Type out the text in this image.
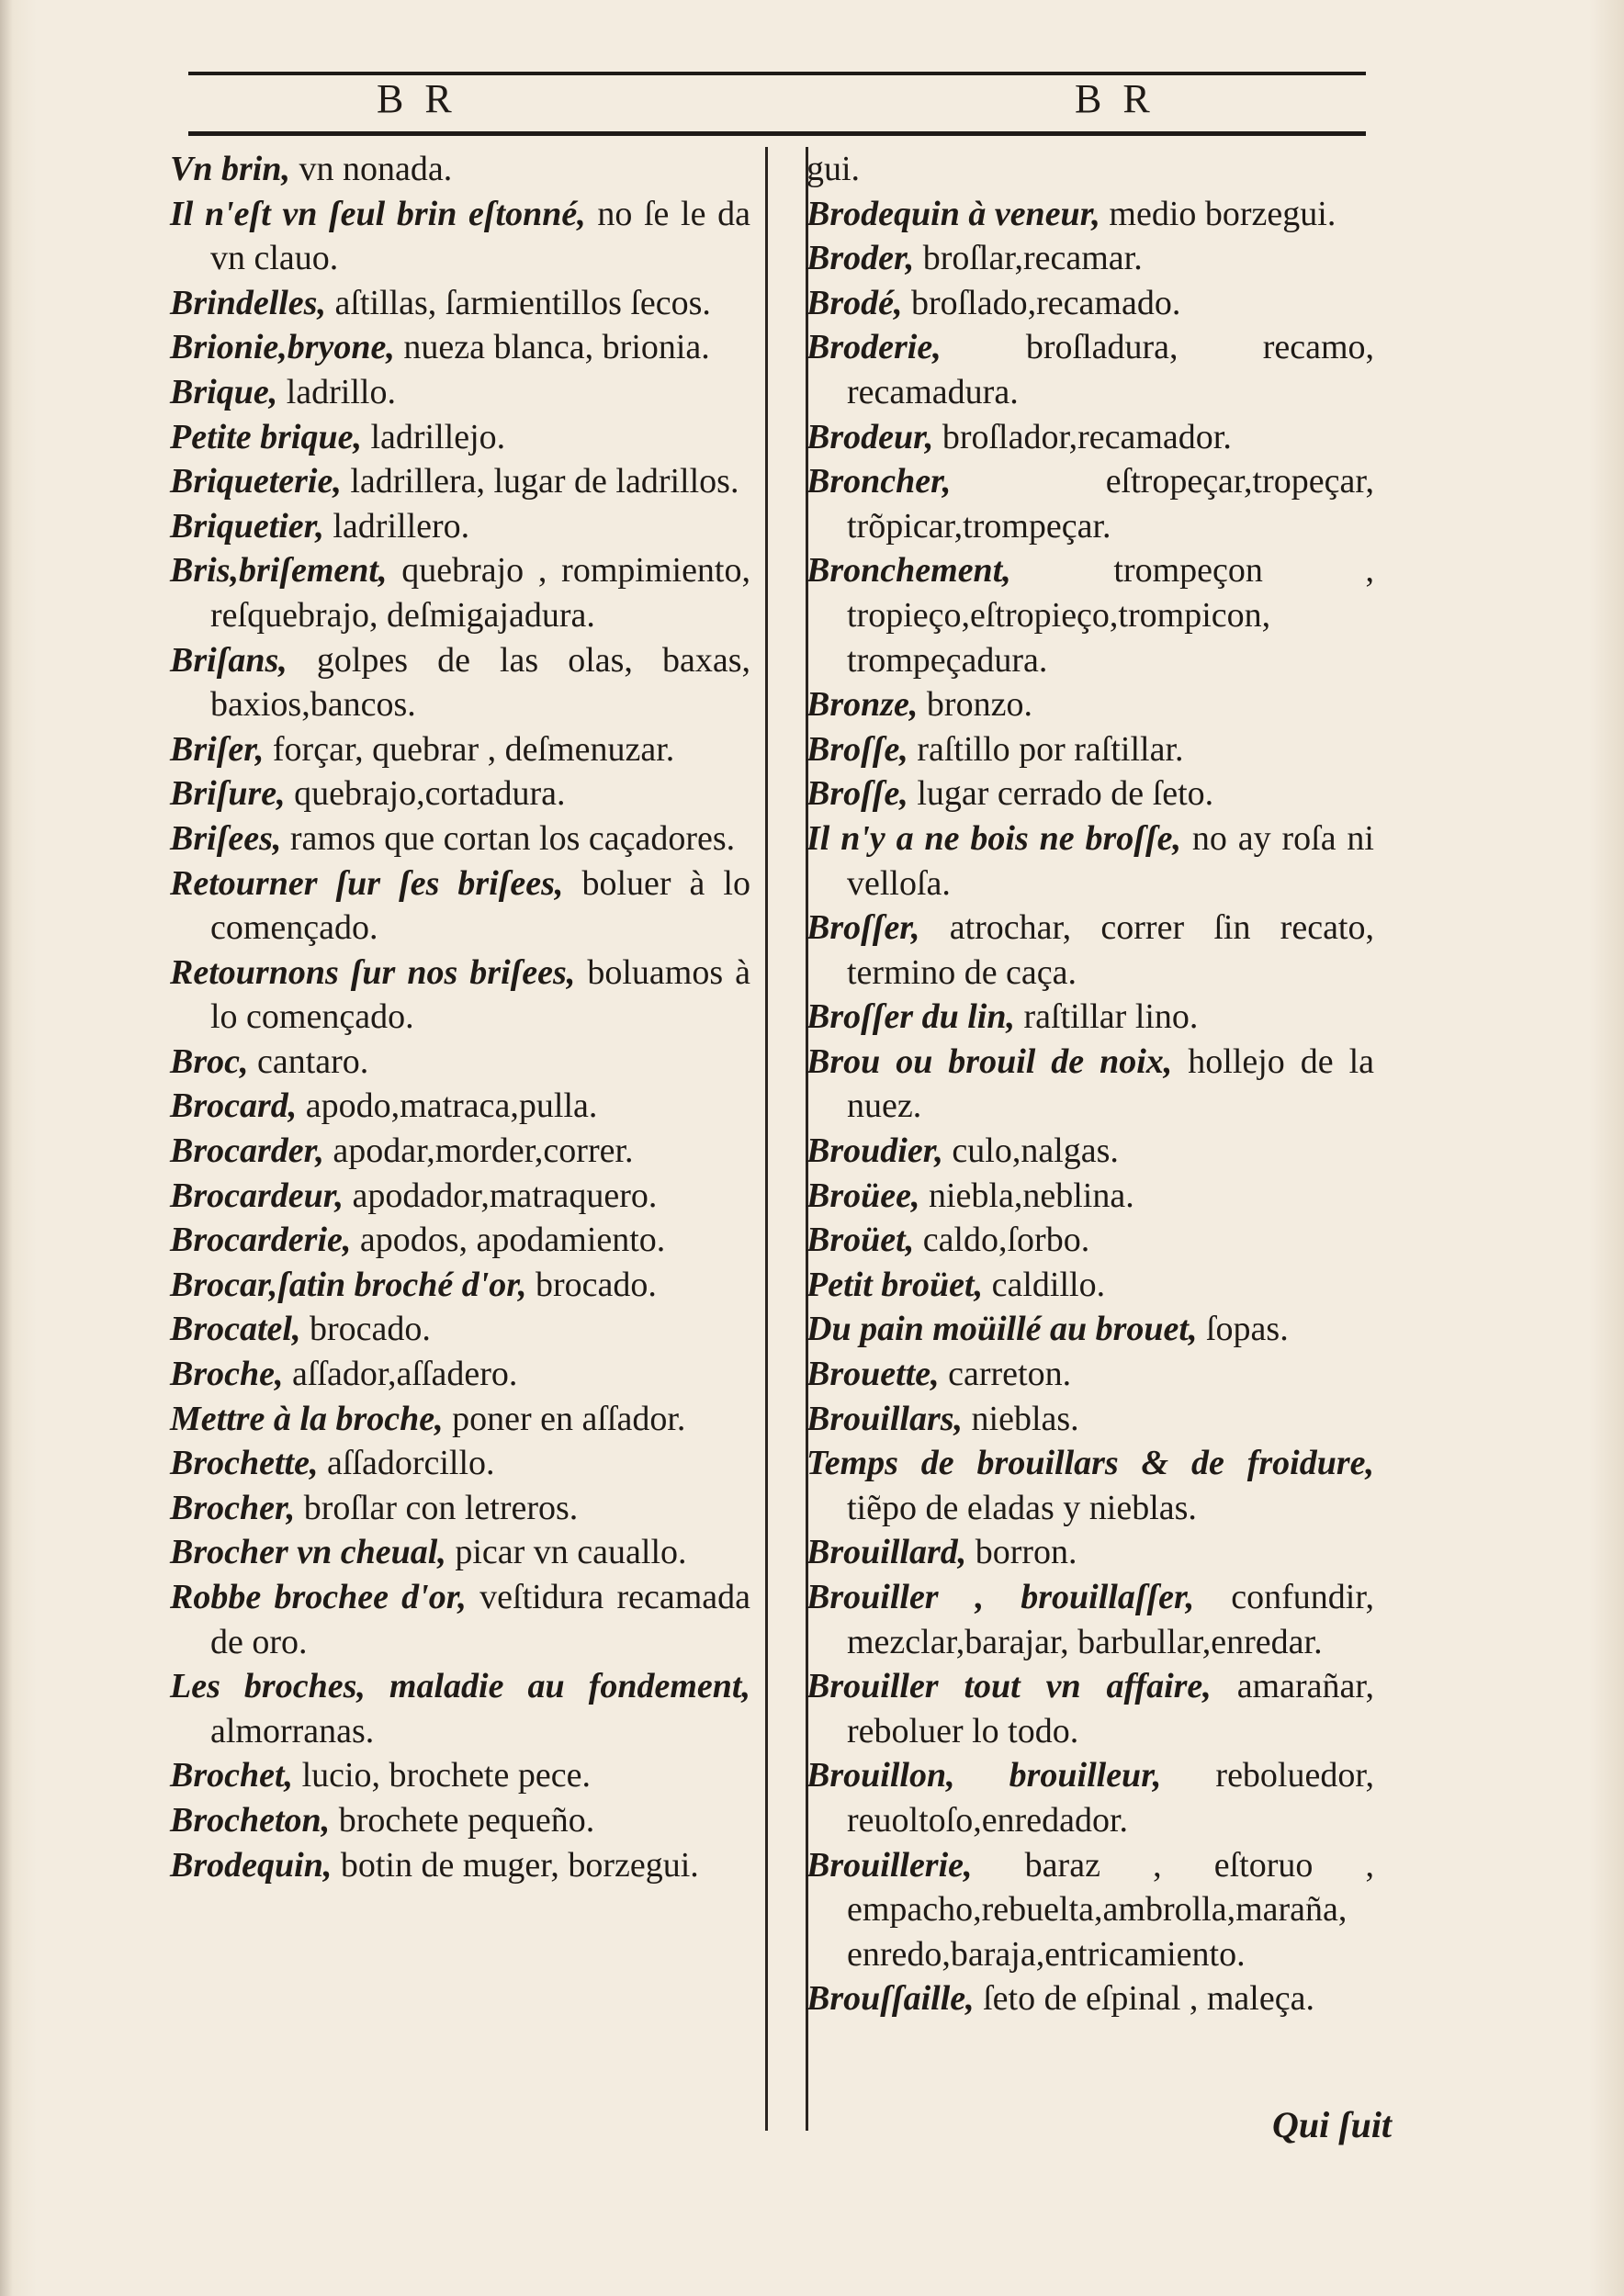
B R	B R

Vn brin, vn nonada.

Il n'eſt vn ſeul brin eſtonné, no ſe le da vn clauo.

Brindelles, aſtillas, ſarmientillos ſecos.

Brionie,bryone, nueza blanca, brionia.

Brique, ladrillo.

Petite brique, ladrillejo.

Briqueterie, ladrillera, lugar de ladrillos.

Briquetier, ladrillero.

Bris,briſement, quebrajo , rompimiento, reſquebrajo, deſmigajadura.

Briſans, golpes de las olas, baxas, baxios,bancos.

Briſer, forçar, quebrar , deſmenuzar.

Briſure, quebrajo,cortadura.

Briſees, ramos que cortan los caçadores.

Retourner ſur ſes briſees, boluer à lo començado.

Retournons ſur nos briſees, boluamos à lo començado.

Broc, cantaro.

Brocard, apodo,matraca,pulla.

Brocarder, apodar,morder,correr.

Brocardeur, apodador,matraquero.

Brocarderie, apodos, apodamiento.

Brocar,ſatin broché d'or, brocado.

Brocatel, brocado.

Broche, aſſador,aſſadero.

Mettre à la broche, poner en aſſador.

Brochette, aſſadorcillo.

Brocher, broſlar con letreros.

Brocher vn cheual, picar vn cauallo.

Robbe brochee d'or, veſtidura recamada de oro.

Les broches, maladie au fondement, almorranas.

Brochet, lucio, brochete pece.

Brocheton, brochete pequeño.

Brodequin, botin de muger, borzegui.

gui.

Brodequin à veneur, medio borzegui.

Broder, broſlar,recamar.

Brodé, broſlado,recamado.

Broderie, broſladura, recamo, recamadura.

Brodeur, broſlador,recamador.

Broncher, eſtropeçar,tropeçar, trõpicar,trompeçar.

Bronchement, trompeçon , tropieço,eſtropieço,trompicon, trompeçadura.

Bronze, bronzo.

Broſſe, raſtillo por raſtillar.

Broſſe, lugar cerrado de ſeto.

Il n'y a ne bois ne broſſe, no ay roſa ni velloſa.

Broſſer, atrochar, correr ſin recato, termino de caça.

Broſſer du lin, raſtillar lino.

Brou ou brouil de noix, hollejo de la nuez.

Broudier, culo,nalgas.

Broüee, niebla,neblina.

Broüet, caldo,ſorbo.

Petit broüet, caldillo.

Du pain moüillé au brouet, ſopas.

Brouette, carreton.

Brouillars, nieblas.

Temps de brouillars & de froidure, tiẽpo de eladas y nieblas.

Brouillard, borron.

Brouiller , brouillaſſer, confundir, mezclar,barajar, barbullar,enredar.

Brouiller tout vn affaire, amarañar, reboluer lo todo.

Brouillon, brouilleur, reboluedor, reuoltoſo,enredador.

Brouillerie, baraz , eſtoruo , empacho,rebuelta,ambrolla,maraña, enredo,baraja,entricamiento.

Brouſſaille, ſeto de eſpinal , maleça.

Qui ſuit
